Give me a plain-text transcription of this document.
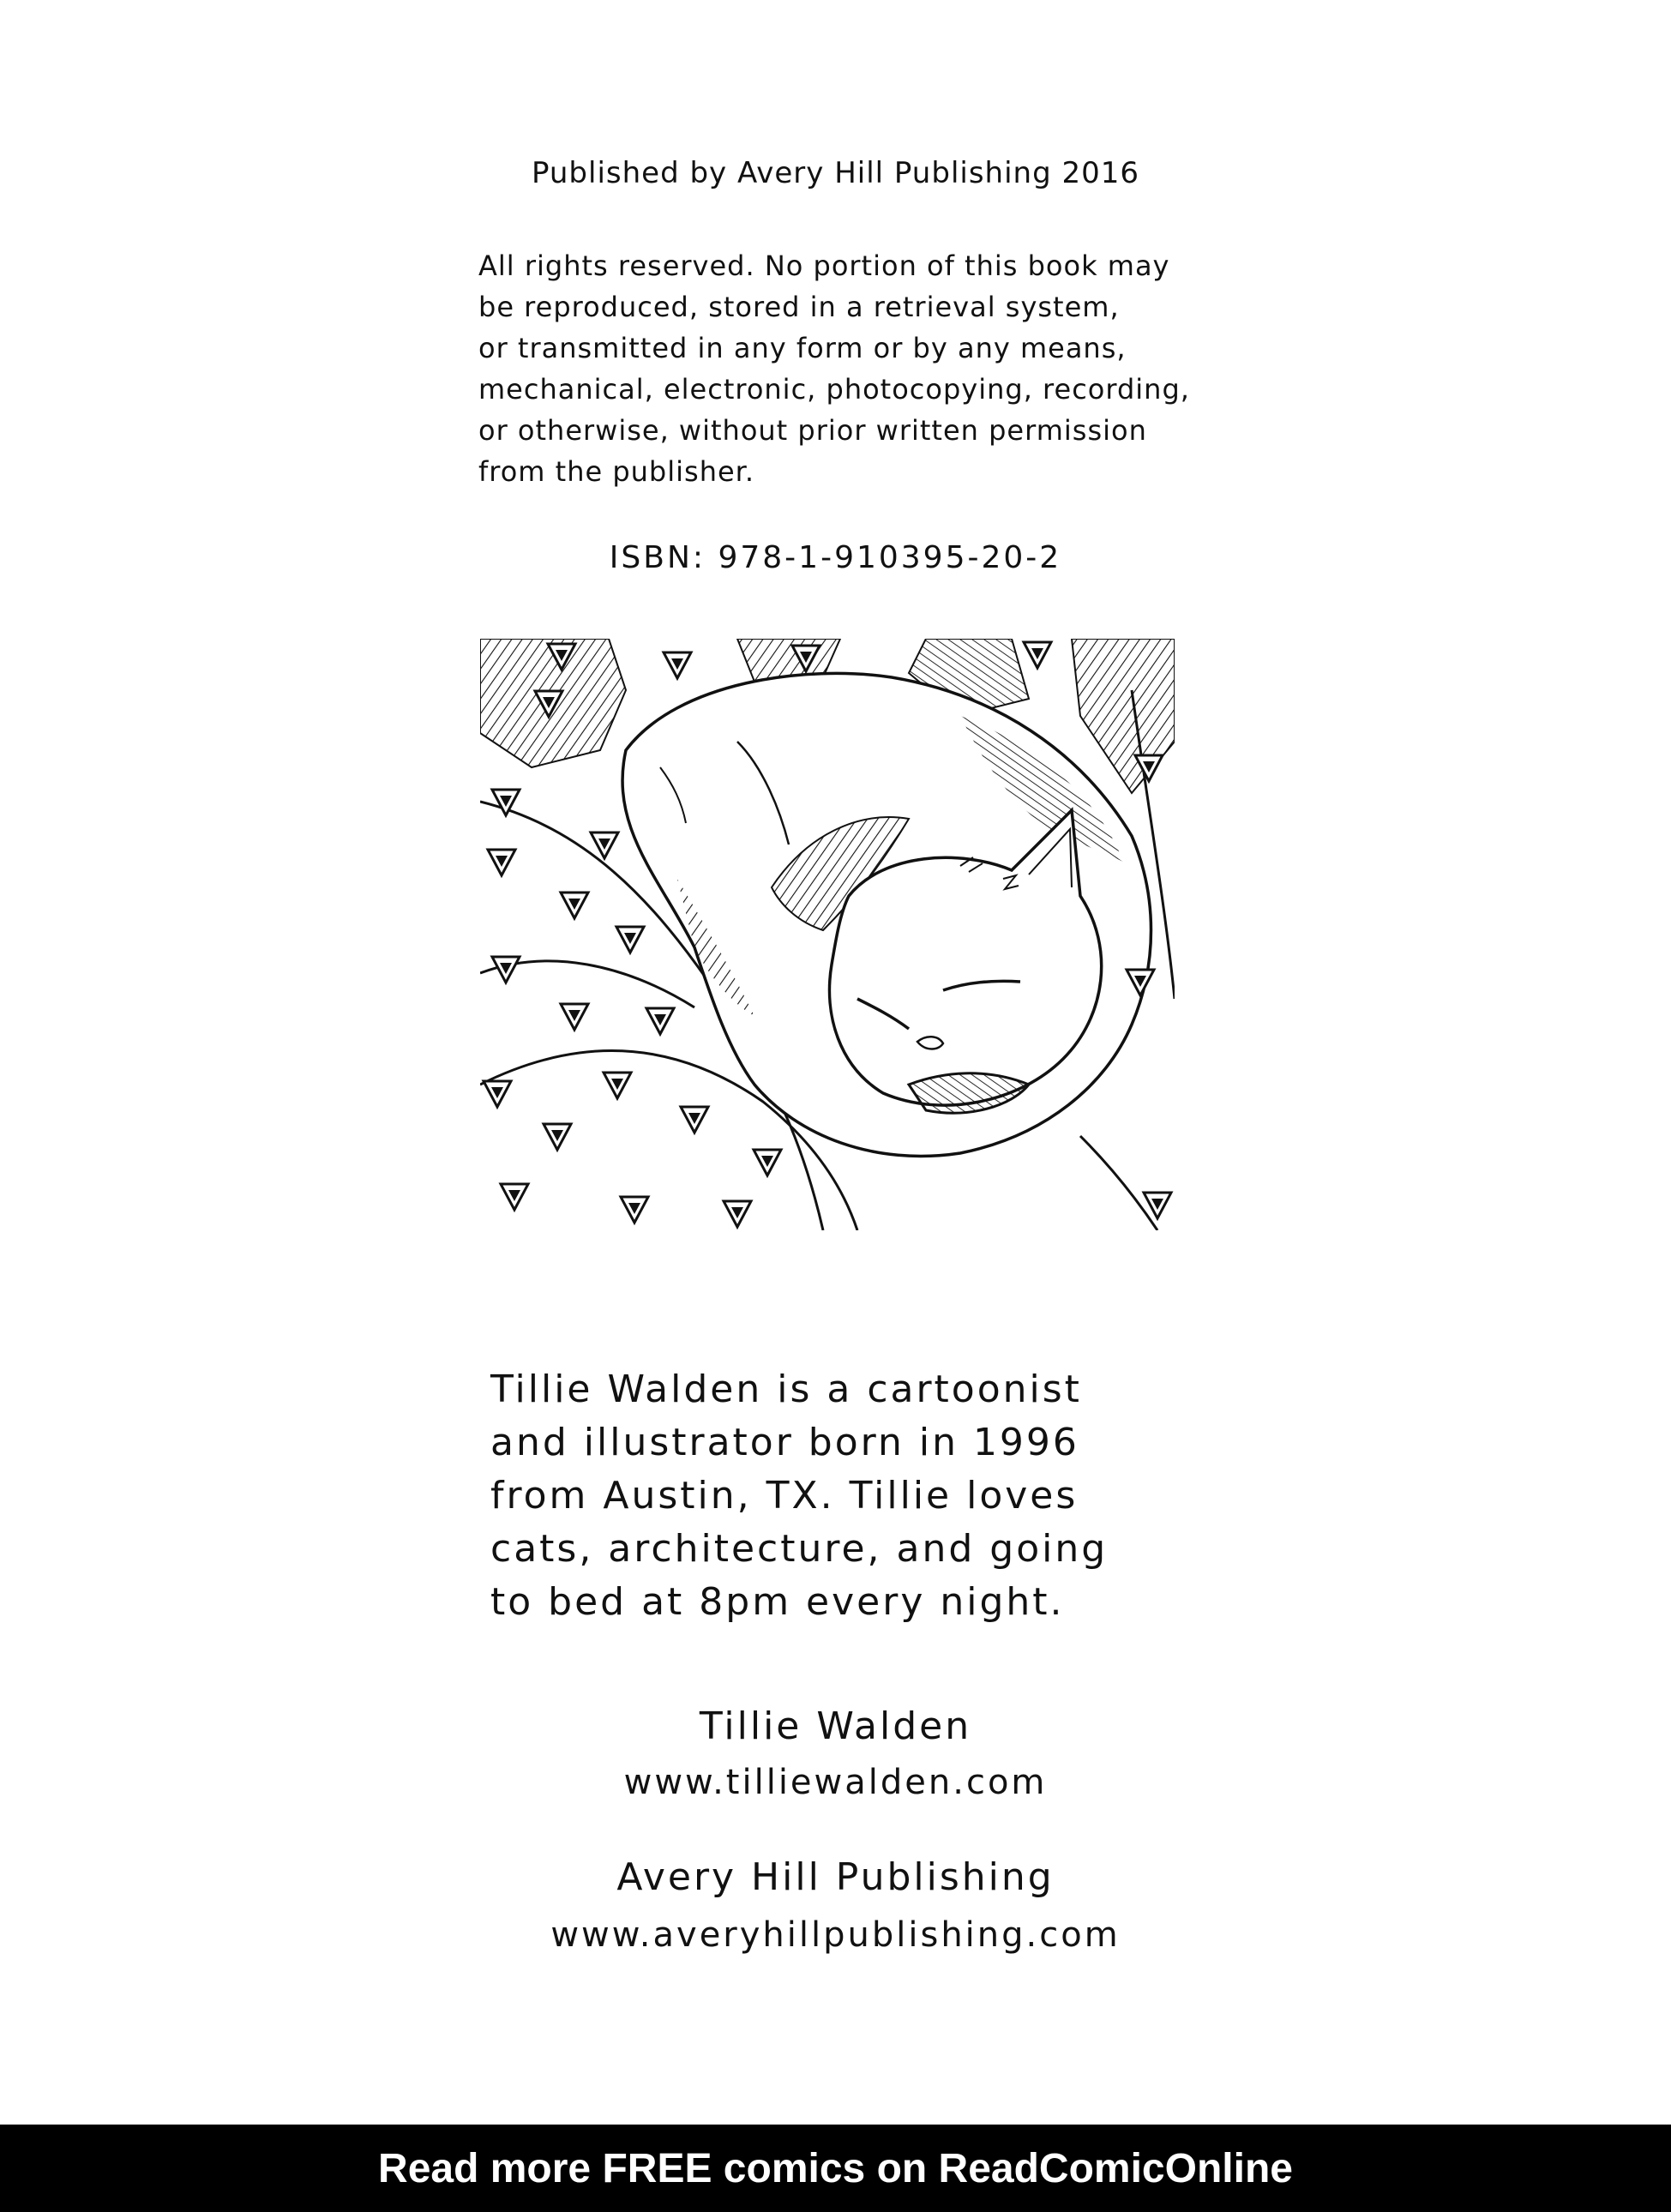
Published by Avery Hill Publishing 2016
All rights reserved. No portion of this book may
be reproduced, stored in a retrieval system,
or transmitted in any form or by any means,
mechanical, electronic, photocopying, recording,
or otherwise, without prior written permission
from the publisher.
ISBN: 978-1-910395-20-2
Tillie Walden is a cartoonist
and illustrator born in 1996
from Austin, TX. Tillie loves
cats, architecture, and going
to bed at 8pm every night.
Tillie Walden
www.tilliewalden.com
Avery Hill Publishing
www.averyhillpublishing.com
Read more FREE comics on ReadComicOnline
